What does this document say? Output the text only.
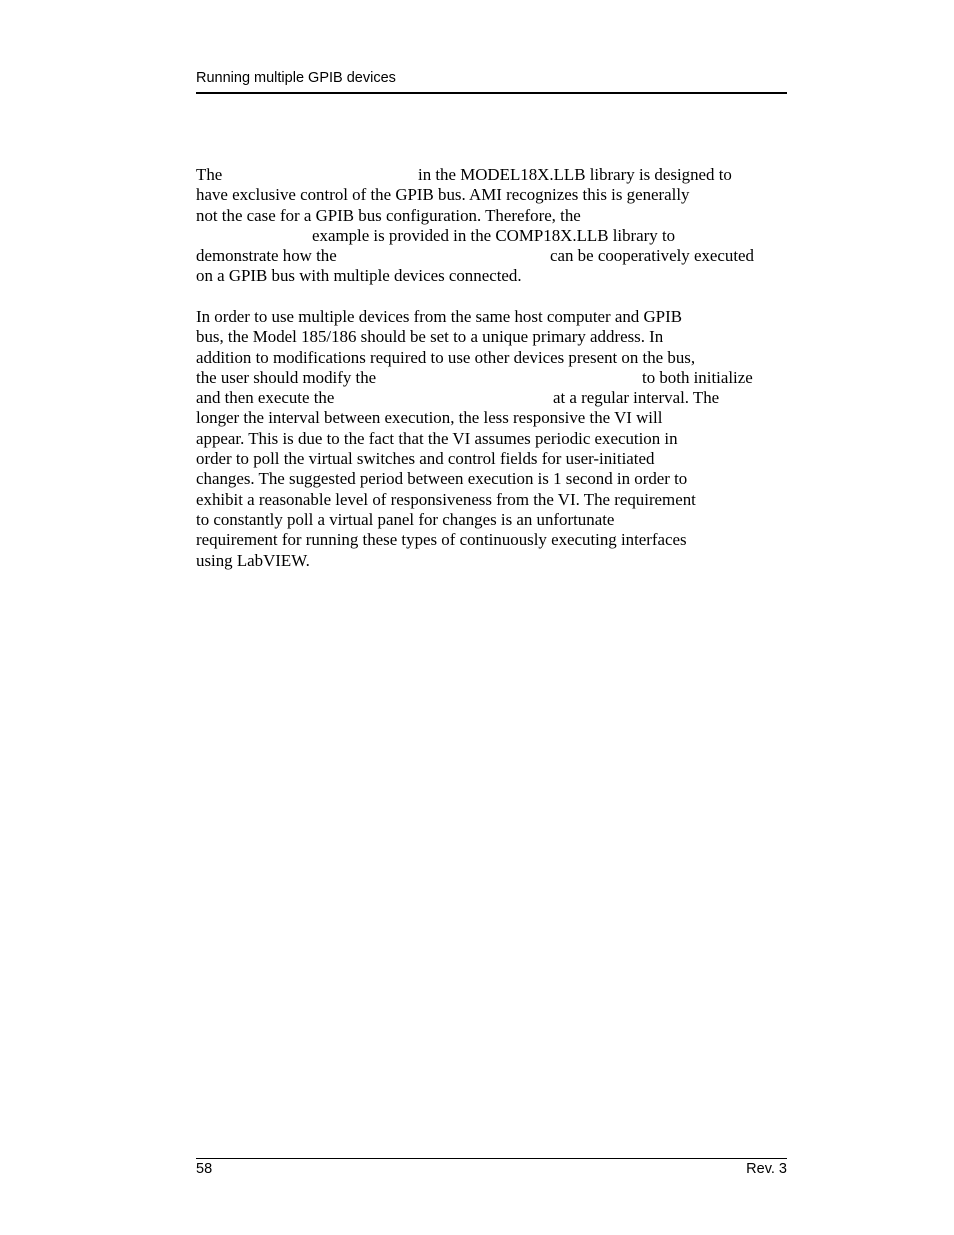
Running multiple GPIB devices

The

	in the MODEL18X.LLB library is designed to

have exclusive control of the GPIB bus. AMI recognizes this is generally
not the case for a GPIB bus configuration. Therefore, the

example is provided in the COMP18X.LLB library to

demonstrate how the

	can be cooperatively executed

on a GPIB bus with multiple devices connected.
In order to use multiple devices from the same host computer and GPIB
bus, the Model 185/186 should be set to a unique primary address. In
addition to modifications required to use other devices present on the bus,

the user should modify the

	to both initialize

and then execute the

	at a regular interval. The

longer the interval between execution, the less responsive the VI will
appear. This is due to the fact that the VI assumes periodic execution in
order to poll the virtual switches and control fields for user-initiated
changes. The suggested period between execution is 1 second in order to
exhibit a reasonable level of responsiveness from the VI. The requirement
to constantly poll a virtual panel for changes is an unfortunate
requirement for running these types of continuously executing interfaces
using LabVIEW.
58	Rev. 3
